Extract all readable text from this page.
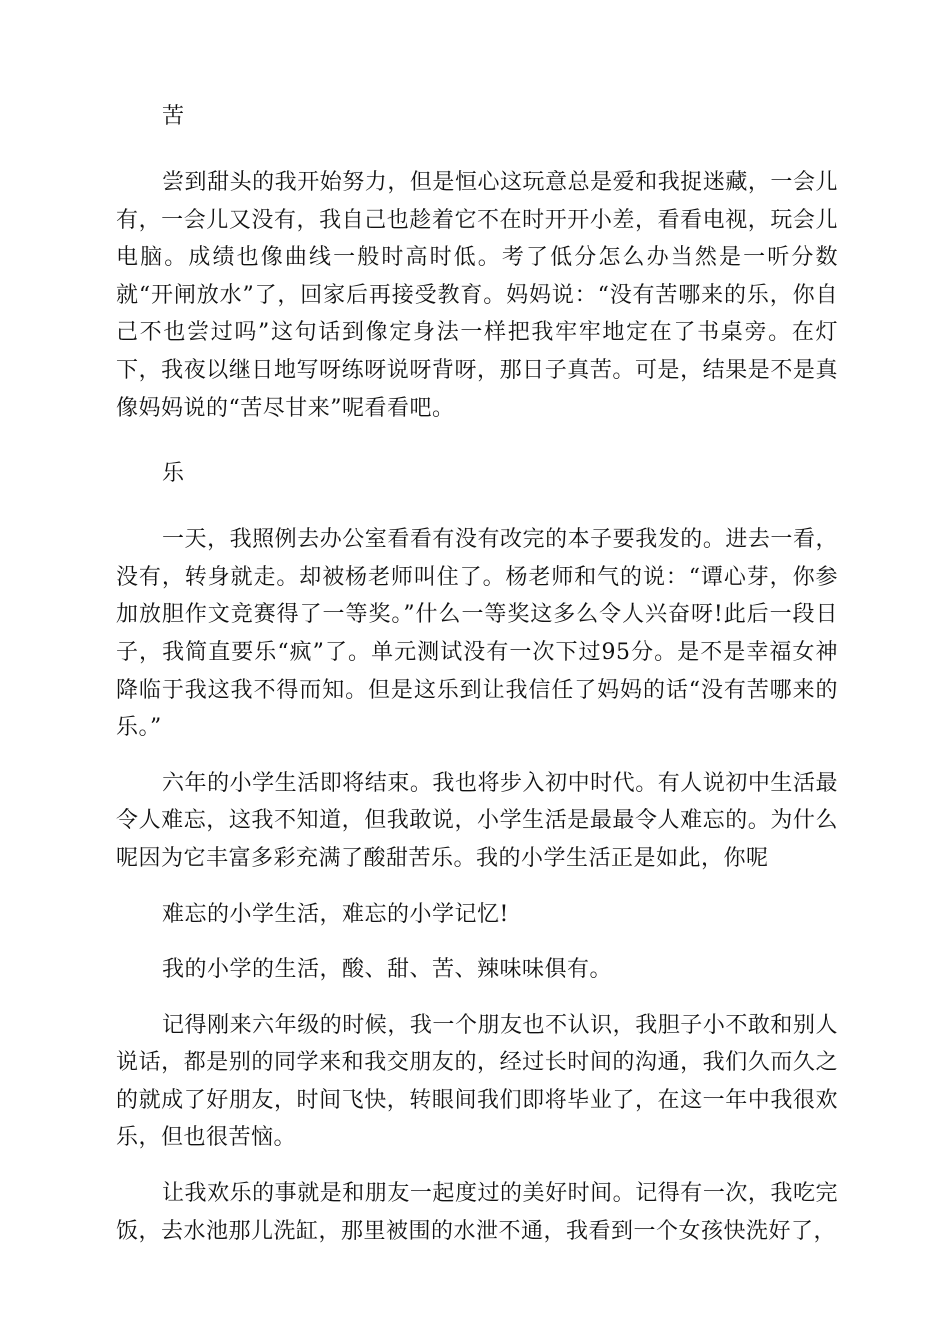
苦

尝到甜头的我开始努力，但是恒心这玩意总是爱和我捉迷藏，一会儿有，一会儿又没有，我自己也趁着它不在时开开小差，看看电视，玩会儿电脑。成绩也像曲线一般时高时低。考了低分怎么办当然是一听分数就“开闸放水”了，回家后再接受教育。妈妈说：“没有苦哪来的乐，你自己不也尝过吗”这句话到像定身法一样把我牢牢地定在了书桌旁。在灯下，我夜以继日地写呀练呀说呀背呀，那日子真苦。可是，结果是不是真像妈妈说的“苦尽甘来”呢看看吧。

乐

一天，我照例去办公室看看有没有改完的本子要我发的。进去一看，没有，转身就走。却被杨老师叫住了。杨老师和气的说：“谭心芽，你参加放胆作文竞赛得了一等奖。”什么一等奖这多么令人兴奋呀!此后一段日子，我简直要乐“疯”了。单元测试没有一次下过95分。是不是幸福女神降临于我这我不得而知。但是这乐到让我信任了妈妈的话“没有苦哪来的乐。”

六年的小学生活即将结束。我也将步入初中时代。有人说初中生活最令人难忘，这我不知道，但我敢说，小学生活是最最令人难忘的。为什么呢因为它丰富多彩充满了酸甜苦乐。我的小学生活正是如此，你呢

难忘的小学生活，难忘的小学记忆!

我的小学的生活，酸、甜、苦、辣味味俱有。

记得刚来六年级的时候，我一个朋友也不认识，我胆子小不敢和别人说话，都是别的同学来和我交朋友的，经过长时间的沟通，我们久而久之的就成了好朋友，时间飞快，转眼间我们即将毕业了，在这一年中我很欢乐，但也很苦恼。

让我欢乐的事就是和朋友一起度过的美好时间。记得有一次，我吃完饭，去水池那儿洗缸，那里被围的水泄不通，我看到一个女孩快洗好了，
